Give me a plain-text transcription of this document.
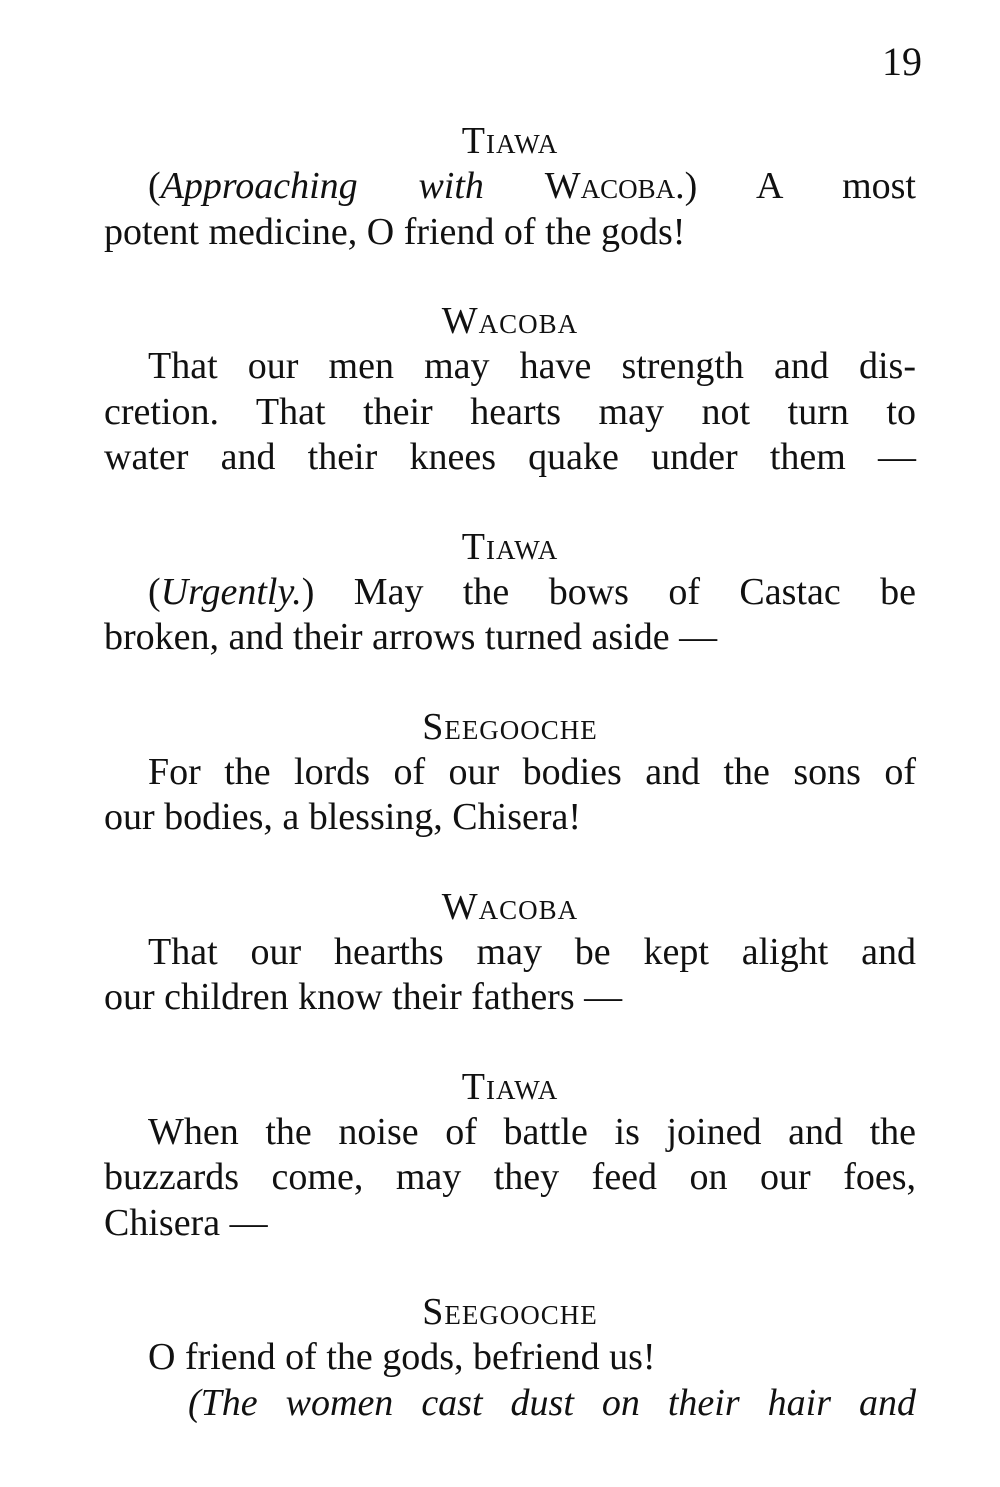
19

Tiawa

(Approaching with Wacoba.) A most

potent medicine, O friend of the gods!

Wacoba

That our men may have strength and dis-

cretion. That their hearts may not turn to

water and their knees quake under them —

Tiawa

(Urgently.) May the bows of Castac be

broken, and their arrows turned aside —

Seegooche

For the lords of our bodies and the sons of

our bodies, a blessing, Chisera!

Wacoba

That our hearths may be kept alight and

our children know their fathers —

Tiawa

When the noise of battle is joined and the

buzzards come, may they feed on our foes,

Chisera —

Seegooche

O friend of the gods, befriend us!

(The women cast dust on their hair and
